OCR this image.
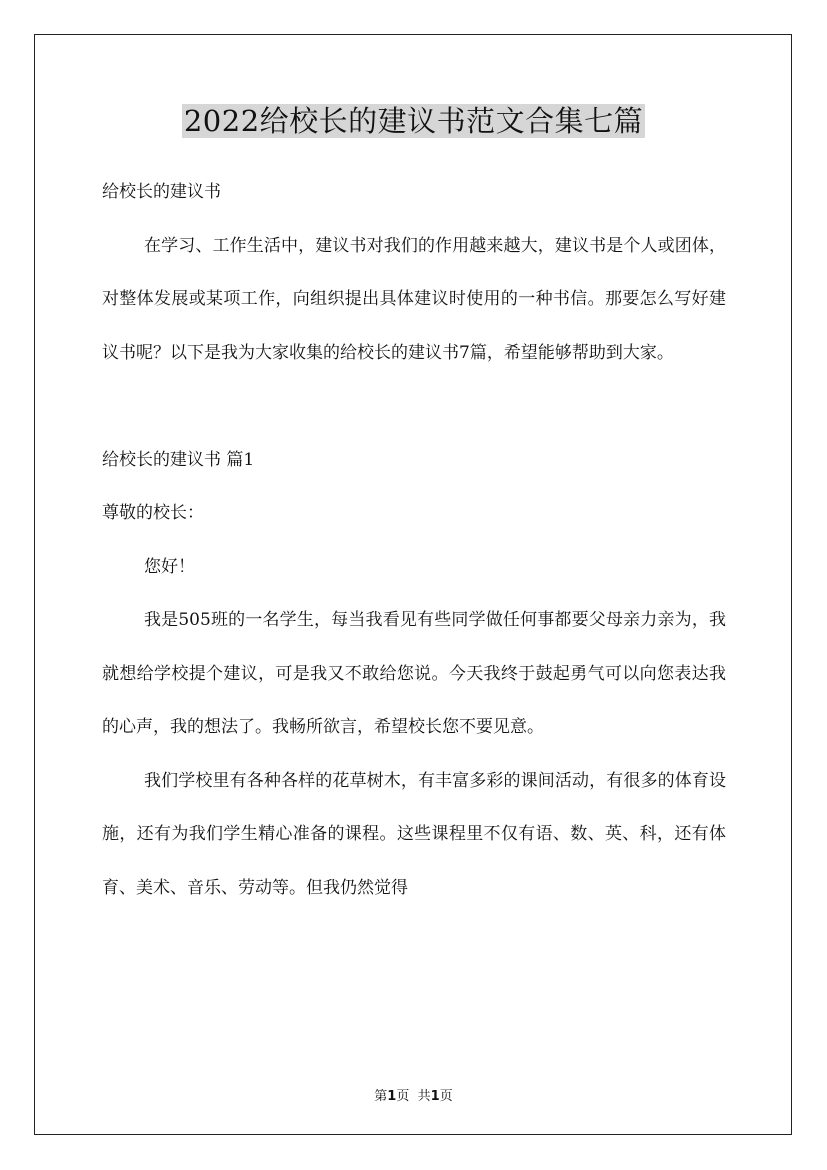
2022给校长的建议书范文合集七篇

给校长的建议书

在学习、工作生活中，建议书对我们的作用越来越大，建议书是个人或团体，对整体发展或某项工作，向组织提出具体建议时使用的一种书信。那要怎么写好建议书呢？以下是我为大家收集的给校长的建议书7篇，希望能够帮助到大家。

给校长的建议书 篇1

尊敬的校长：

您好！

我是505班的一名学生，每当我看见有些同学做任何事都要父母亲力亲为，我就想给学校提个建议，可是我又不敢给您说。今天我终于鼓起勇气可以向您表达我的心声，我的想法了。我畅所欲言，希望校长您不要见意。

我们学校里有各种各样的花草树木，有丰富多彩的课间活动，有很多的体育设施，还有为我们学生精心准备的课程。这些课程里不仅有语、数、英、科，还有体育、美术、音乐、劳动等。但我仍然觉得

第1页 共1页
